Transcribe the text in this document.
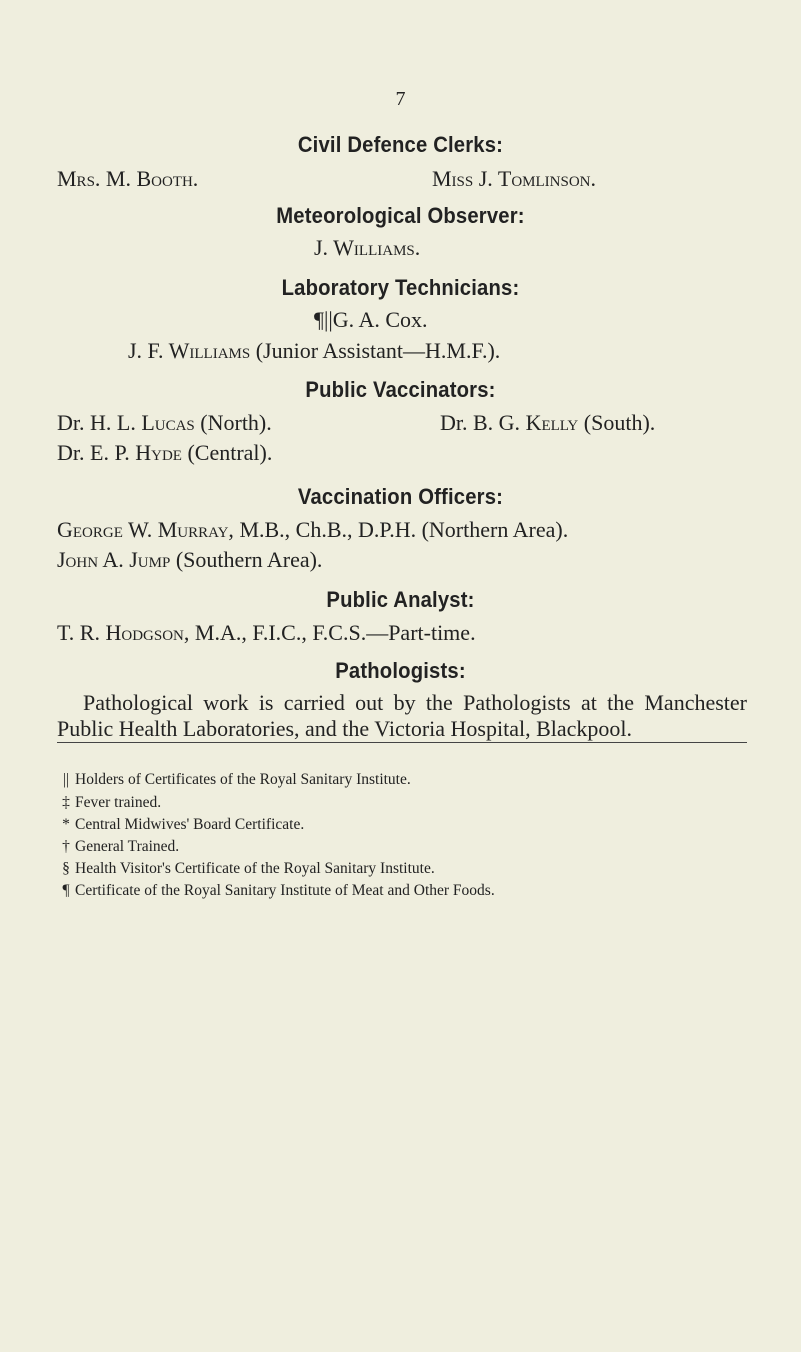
7
Civil Defence Clerks:
Mrs. M. Booth.	Miss J. Tomlinson.
Meteorological Observer:
J. Williams.
Laboratory Technicians:
¶||G. A. Cox.
J. F. Williams (Junior Assistant—H.M.F.).
Public Vaccinators:
Dr. H. L. Lucas (North).	Dr. B. G. Kelly (South).
Dr. E. P. Hyde (Central).
Vaccination Officers:
George W. Murray, M.B., Ch.B., D.P.H. (Northern Area).
John A. Jump (Southern Area).
Public Analyst:
T. R. Hodgson, M.A., F.I.C., F.C.S.—Part-time.
Pathologists:
Pathological work is carried out by the Pathologists at the Manchester Public Health Laboratories, and the Victoria Hospital, Blackpool.
|| Holders of Certificates of the Royal Sanitary Institute.
‡ Fever trained.
* Central Midwives' Board Certificate.
† General Trained.
§ Health Visitor's Certificate of the Royal Sanitary Institute.
¶ Certificate of the Royal Sanitary Institute of Meat and Other Foods.
